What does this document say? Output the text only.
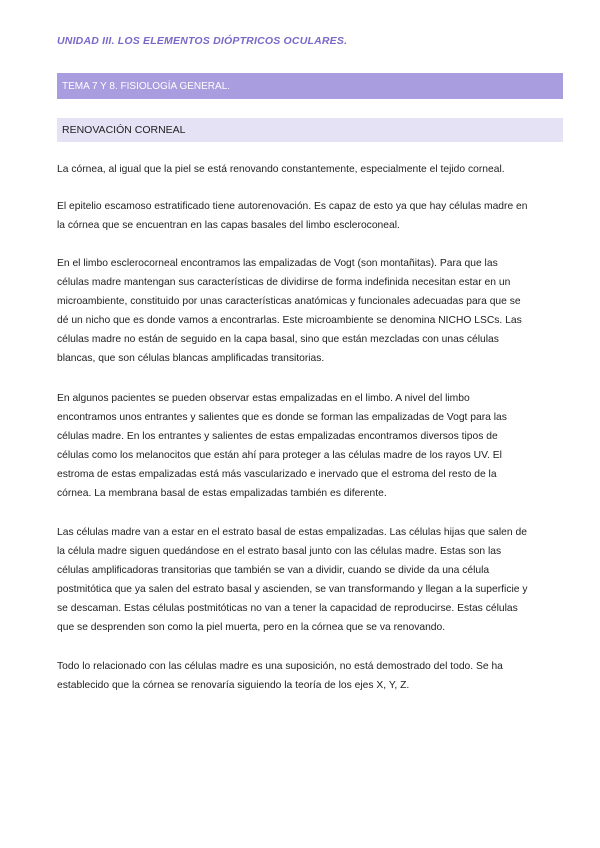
UNIDAD III. LOS ELEMENTOS DIÓPTRICOS OCULARES.
TEMA 7 Y 8. FISIOLOGÍA GENERAL.
RENOVACIÓN CORNEAL
La córnea, al igual que la piel se está renovando constantemente, especialmente el tejido corneal.
El epitelio escamoso estratificado tiene autorenovación. Es capaz de esto ya que hay células madre en
la córnea que se encuentran en las capas basales del limbo escleroconeal.
En el limbo esclerocorneal encontramos las empalizadas de Vogt (son montañitas). Para que las
células madre mantengan sus características de dividirse de forma indefinida necesitan estar en un
microambiente, constituido por unas características anatómicas y funcionales adecuadas para que se
dé un nicho que es donde vamos a encontrarlas. Este microambiente se denomina NICHO LSCs. Las
células madre no están de seguido en la capa basal, sino que están mezcladas con unas células
blancas, que son células blancas amplificadas transitorias.
En algunos pacientes se pueden observar estas empalizadas en el limbo. A nivel del limbo
encontramos unos entrantes y salientes que es donde se forman las empalizadas de Vogt para las
células madre. En los entrantes y salientes de estas empalizadas encontramos diversos tipos de
células como los melanocitos que están ahí para proteger a las células madre de los rayos UV. El
estroma de estas empalizadas está más vascularizado e inervado que el estroma del resto de la
córnea. La membrana basal de estas empalizadas también es diferente.
Las células madre van a estar en el estrato basal de estas empalizadas. Las células hijas que salen de
la célula madre siguen quedándose en el estrato basal junto con las células madre. Estas son las
células amplificadoras transitorias que también se van a dividir, cuando se divide da una célula
postmitótica que ya salen del estrato basal y ascienden, se van transformando y llegan a la superficie y
se descaman. Estas células postmitóticas no van a tener la capacidad de reproducirse. Estas células
que se desprenden son como la piel muerta, pero en la córnea que se va renovando.
Todo lo relacionado con las células madre es una suposición, no está demostrado del todo. Se ha
establecido que la córnea se renovaría siguiendo la teoría de los ejes X, Y, Z.
